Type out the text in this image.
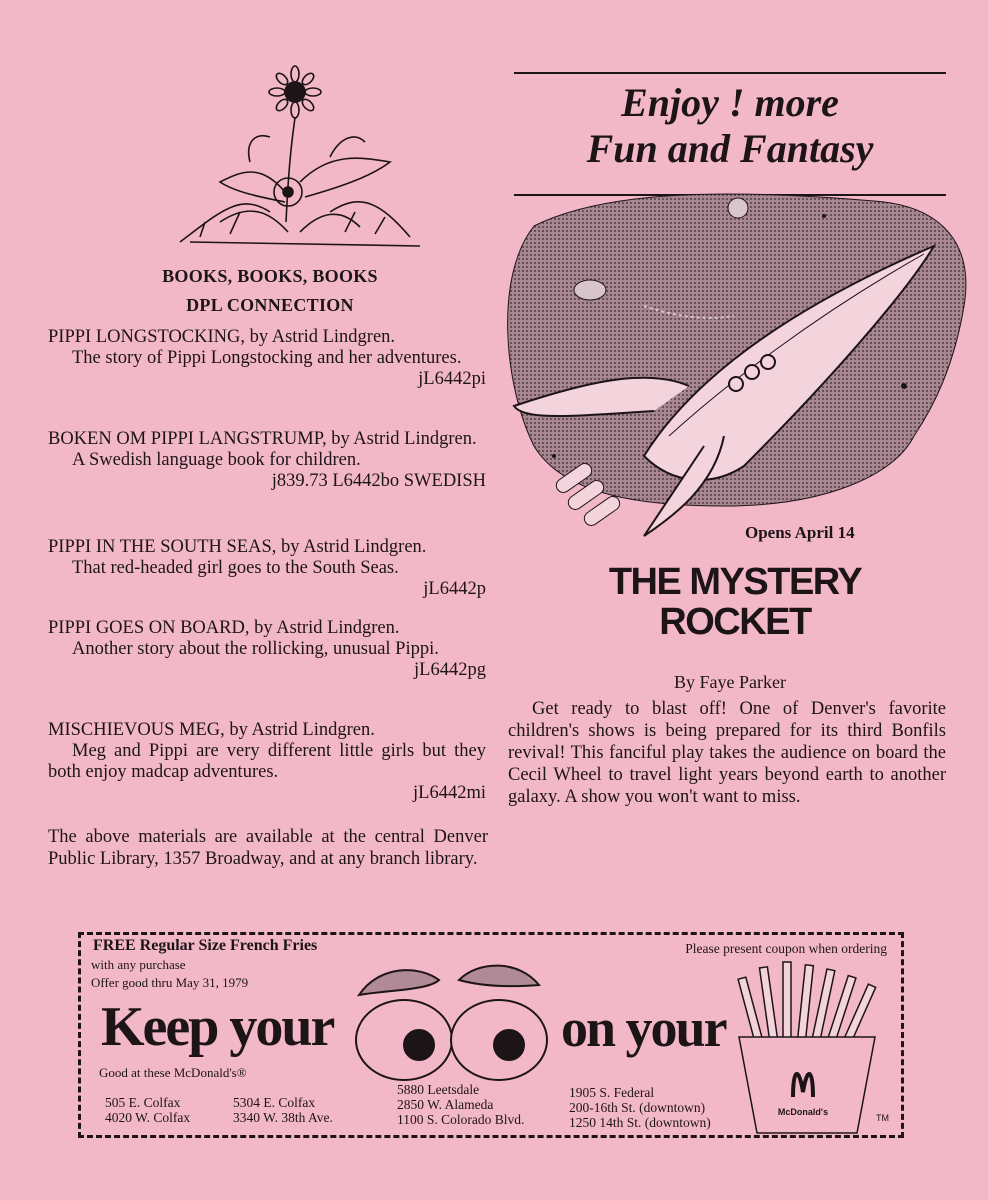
BOOKS, BOOKS, BOOKS
DPL CONNECTION

PIPPI LONGSTOCKING, by Astrid Lindgren.

The story of Pippi Longstocking and her adventures.

jL6442pi

BOKEN OM PIPPI LANGSTRUMP, by Astrid Lindgren.

A Swedish language book for children.

j839.73 L6442bo SWEDISH

PIPPI IN THE SOUTH SEAS, by Astrid Lindgren.

That red-headed girl goes to the South Seas.

jL6442p

PIPPI GOES ON BOARD, by Astrid Lindgren.

Another story about the rollicking, unusual Pippi.

jL6442pg

MISCHIEVOUS MEG, by Astrid Lindgren.

Meg and Pippi are very different little girls but they both enjoy madcap adventures.

jL6442mi

The above materials are available at the central Denver Public Library, 1357 Broadway, and at any branch library.
Enjoy ! more
Fun and Fantasy
Opens April 14
THE MYSTERY
ROCKET
By Faye Parker
Get ready to blast off! One of Denver's favorite children's shows is being prepared for its third Bonfils revival! This fanciful play takes the audience on board the Cecil Wheel to travel light years beyond earth to another galaxy. A show you won't want to miss.
FREE Regular Size French Fries
with any purchase
Offer good thru May 31, 1979
Please present coupon when ordering
Keep your	on your
McDonald's
TM
Good at these McDonald's®
505 E. Colfax
4020 W. Colfax
5304 E. Colfax
3340 W. 38th Ave.
5880 Leetsdale
2850 W. Alameda
1100 S. Colorado Blvd.
1905 S. Federal
200-16th St. (downtown)
1250 14th St. (downtown)
